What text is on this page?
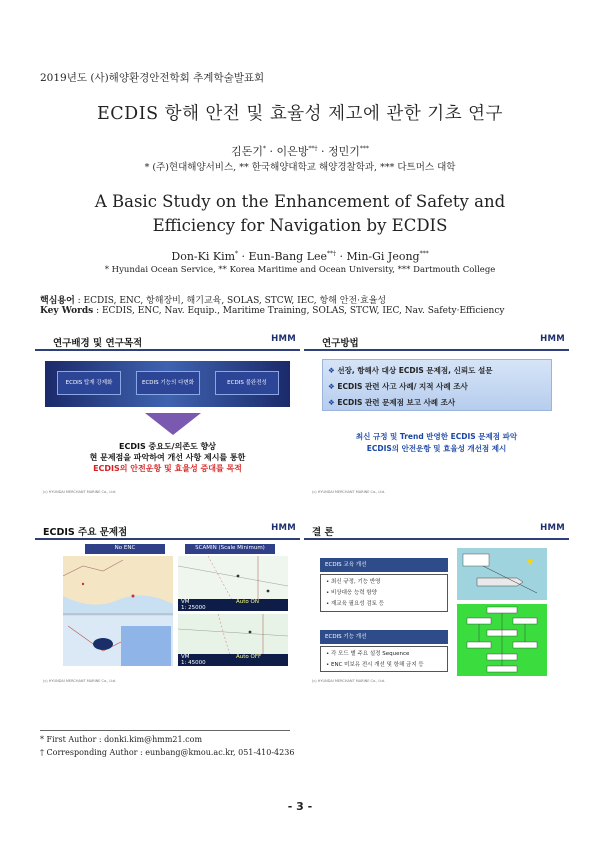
2019년도 (사)해양환경안전학회 추계학술발표회
ECDIS 항해 안전 및 효율성 제고에 관한 기초 연구
김돈기* · 이은방**† · 정민기***
* (주)현대해양서비스, ** 한국해양대학교 해양경찰학과, *** 다트머스 대학
A Basic Study on the Enhancement of Safety and Efficiency for Navigation by ECDIS
Don-Ki Kim* · Eun-Bang Lee**† · Min-Gi Jeong***
* Hyundai Ocean Service, ** Korea Maritime and Ocean University, *** Dartmouth College
핵심용어 : ECDIS, ENC, 항해장비, 해기교육, SOLAS, STCW, IEC, 항해 안전·효율성
Key Words : ECDIS, ENC, Nav. Equip., Maritime Training, SOLAS, STCW, IEC, Nav. Safety·Efficiency
연구배경 및 연구목적	HMM
ECDIS 탑재 강제화	ECDIS 기능의 다변화	ECDIS 불완전성
ECDIS 중요도/의존도 향상
현 문제점을 파악하여 개선 사항 제시를 통한
ECDIS의 안전운항 및 효율성 증대를 목적
(c) HYUNDAI MERCHANT MARINE Co., Ltd.
연구방법	HMM
❖ 선장, 항해사 대상 ECDIS 문제점, 신뢰도 설문
❖ ECDIS 관련 사고 사례/ 지적 사례 조사
❖ ECDIS 관련 문제점 보고 사례 조사
최신 규정 및 Trend 반영한 ECDIS 문제점 파악
ECDIS의 안전운항 및 효율성 개선점 제시
(c) HYUNDAI MERCHANT MARINE Co., Ltd.
ECDIS 주요 문제점	HMM
No ENC	SCAMIN (Scale Minimum)
VM	Auto ON
1: 25000
VM	Auto OFF
1: 45000
(c) HYUNDAI MERCHANT MARINE Co., Ltd.
결 론	HMM
ECDIS 교육 개선
• 최신 규정, 기능 반영
• 비상대응 능력 함양
• 재교육 필요성 검토 등
ECDIS 기능 개선
• 각 모드 별 주요 설정 Sequence
• ENC 미보유 전시 개선 및 항해 금지 등
(c) HYUNDAI MERCHANT MARINE Co., Ltd.
* First Author : donki.kim@hmm21.com
† Corresponding Author : eunbang@kmou.ac.kr, 051-410-4236
- 3 -
